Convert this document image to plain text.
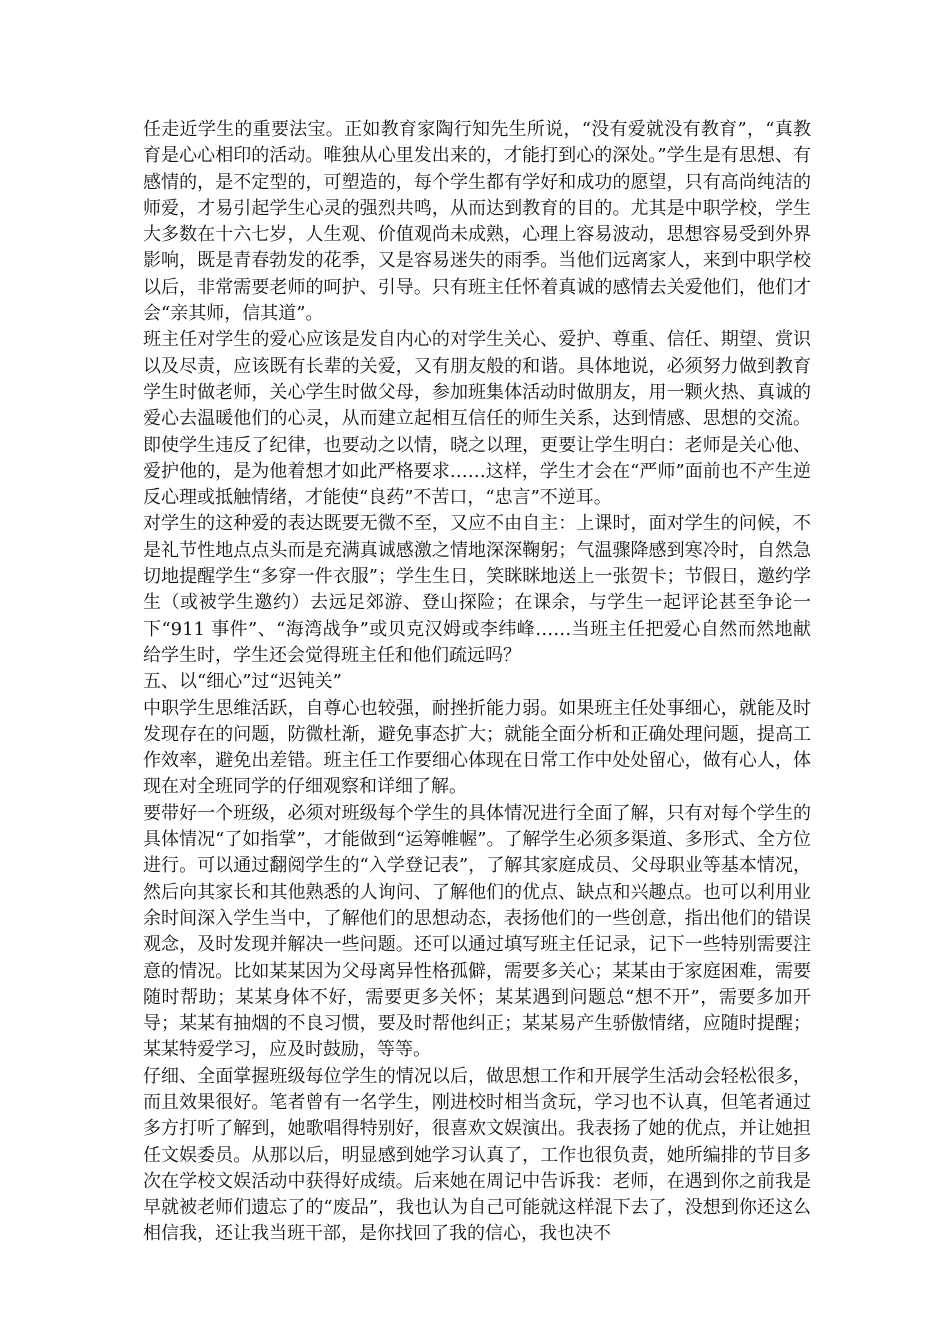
任走近学生的重要法宝。正如教育家陶行知先生所说，“没有爱就没有教育”，“真教育是心心相印的活动。唯独从心里发出来的，才能打到心的深处。”学生是有思想、有感情的，是不定型的，可塑造的，每个学生都有学好和成功的愿望，只有高尚纯洁的师爱，才易引起学生心灵的强烈共鸣，从而达到教育的目的。尤其是中职学校，学生大多数在十六七岁，人生观、价值观尚未成熟，心理上容易波动，思想容易受到外界影响，既是青春勃发的花季，又是容易迷失的雨季。当他们远离家人，来到中职学校以后，非常需要老师的呵护、引导。只有班主任怀着真诚的感情去关爱他们，他们才会“亲其师，信其道”。

班主任对学生的爱心应该是发自内心的对学生关心、爱护、尊重、信任、期望、赏识以及尽责，应该既有长辈的关爱，又有朋友般的和谐。具体地说，必须努力做到教育学生时做老师，关心学生时做父母，参加班集体活动时做朋友，用一颗火热、真诚的爱心去温暖他们的心灵，从而建立起相互信任的师生关系，达到情感、思想的交流。即使学生违反了纪律，也要动之以情，晓之以理，更要让学生明白：老师是关心他、爱护他的，是为他着想才如此严格要求……这样，学生才会在“严师”面前也不产生逆反心理或抵触情绪，才能使“良药”不苦口，“忠言”不逆耳。

对学生的这种爱的表达既要无微不至，又应不由自主：上课时，面对学生的问候，不是礼节性地点点头而是充满真诚感激之情地深深鞠躬；气温骤降感到寒冷时，自然急切地提醒学生“多穿一件衣服”；学生生日，笑眯眯地送上一张贺卡；节假日，邀约学生（或被学生邀约）去远足郊游、登山探险；在课余，与学生一起评论甚至争论一下“911 事件”、“海湾战争”或贝克汉姆或李纬峰……当班主任把爱心自然而然地献给学生时，学生还会觉得班主任和他们疏远吗？

五、以“细心”过“迟钝关”

中职学生思维活跃，自尊心也较强，耐挫折能力弱。如果班主任处事细心，就能及时发现存在的问题，防微杜渐，避免事态扩大；就能全面分析和正确处理问题，提高工作效率，避免出差错。班主任工作要细心体现在日常工作中处处留心，做有心人，体现在对全班同学的仔细观察和详细了解。

要带好一个班级，必须对班级每个学生的具体情况进行全面了解，只有对每个学生的具体情况“了如指掌”，才能做到“运筹帷幄”。了解学生必须多渠道、多形式、全方位进行。可以通过翻阅学生的“入学登记表”，了解其家庭成员、父母职业等基本情况，然后向其家长和其他熟悉的人询问、了解他们的优点、缺点和兴趣点。也可以利用业余时间深入学生当中，了解他们的思想动态，表扬他们的一些创意，指出他们的错误观念，及时发现并解决一些问题。还可以通过填写班主任记录，记下一些特别需要注意的情况。比如某某因为父母离异性格孤僻，需要多关心；某某由于家庭困难，需要随时帮助；某某身体不好，需要更多关怀；某某遇到问题总“想不开”，需要多加开导；某某有抽烟的不良习惯，要及时帮他纠正；某某易产生骄傲情绪，应随时提醒；某某特爱学习，应及时鼓励，等等。

仔细、全面掌握班级每位学生的情况以后，做思想工作和开展学生活动会轻松很多，而且效果很好。笔者曾有一名学生，刚进校时相当贪玩，学习也不认真，但笔者通过多方打听了解到，她歌唱得特别好，很喜欢文娱演出。我表扬了她的优点，并让她担任文娱委员。从那以后，明显感到她学习认真了，工作也很负责，她所编排的节目多次在学校文娱活动中获得好成绩。后来她在周记中告诉我：老师，在遇到你之前我是早就被老师们遗忘了的“废品”，我也认为自己可能就这样混下去了，没想到你还这么相信我，还让我当班干部，是你找回了我的信心，我也决不
